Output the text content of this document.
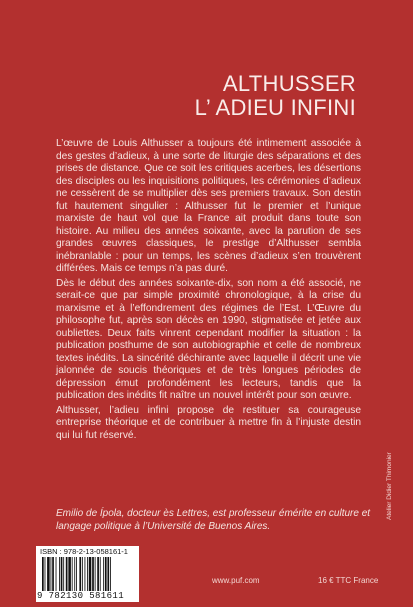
ALTHUSSER
L’ ADIEU INFINI

L’œuvre de Louis Althusser a toujours été intimement associée à des gestes d’adieux, à une sorte de liturgie des séparations et des prises de distance. Que ce soit les critiques acerbes, les désertions des disciples ou les inquisitions politiques, les cérémonies d’adieux ne cessèrent de se multiplier dès ses premiers travaux. Son destin fut hautement singulier : Althusser fut le premier et l’unique marxiste de haut vol que la France ait produit dans toute son histoire. Au milieu des années soixante, avec la parution de ses grandes œuvres classiques, le prestige d’Althusser sembla inébranlable : pour un temps, les scènes d’adieux s’en trouvèrent différées. Mais ce temps n’a pas duré.

Dès le début des années soixante-dix, son nom a été associé, ne serait-ce que par simple proximité chronologique, à la crise du marxisme et à l’effondrement des régimes de l’Est. L’Œuvre du philosophe fut, après son décès en 1990, stigmatisée et jetée aux oubliettes. Deux faits vinrent cependant modifier la situation : la publication posthume de son autobiographie et celle de nombreux textes inédits. La sincérité déchirante avec laquelle il décrit une vie jalonnée de soucis théoriques et de très longues périodes de dépression émut profondément les lecteurs, tandis que la publication des inédits fit naître un nouvel intérêt pour son œuvre.

Althusser, l’adieu infini propose de restituer sa courageuse entreprise théorique et de contribuer à mettre fin à l’injuste destin qui lui fut réservé.

Emilio de Ípola, docteur ès Lettres, est professeur émérite en culture et langage politique à l’Université de Buenos Aires.
Atelier Didier Thimonier
ISBN : 978-2-13-058161-1
9 782130 581611
www.puf.com	16 € TTC France
